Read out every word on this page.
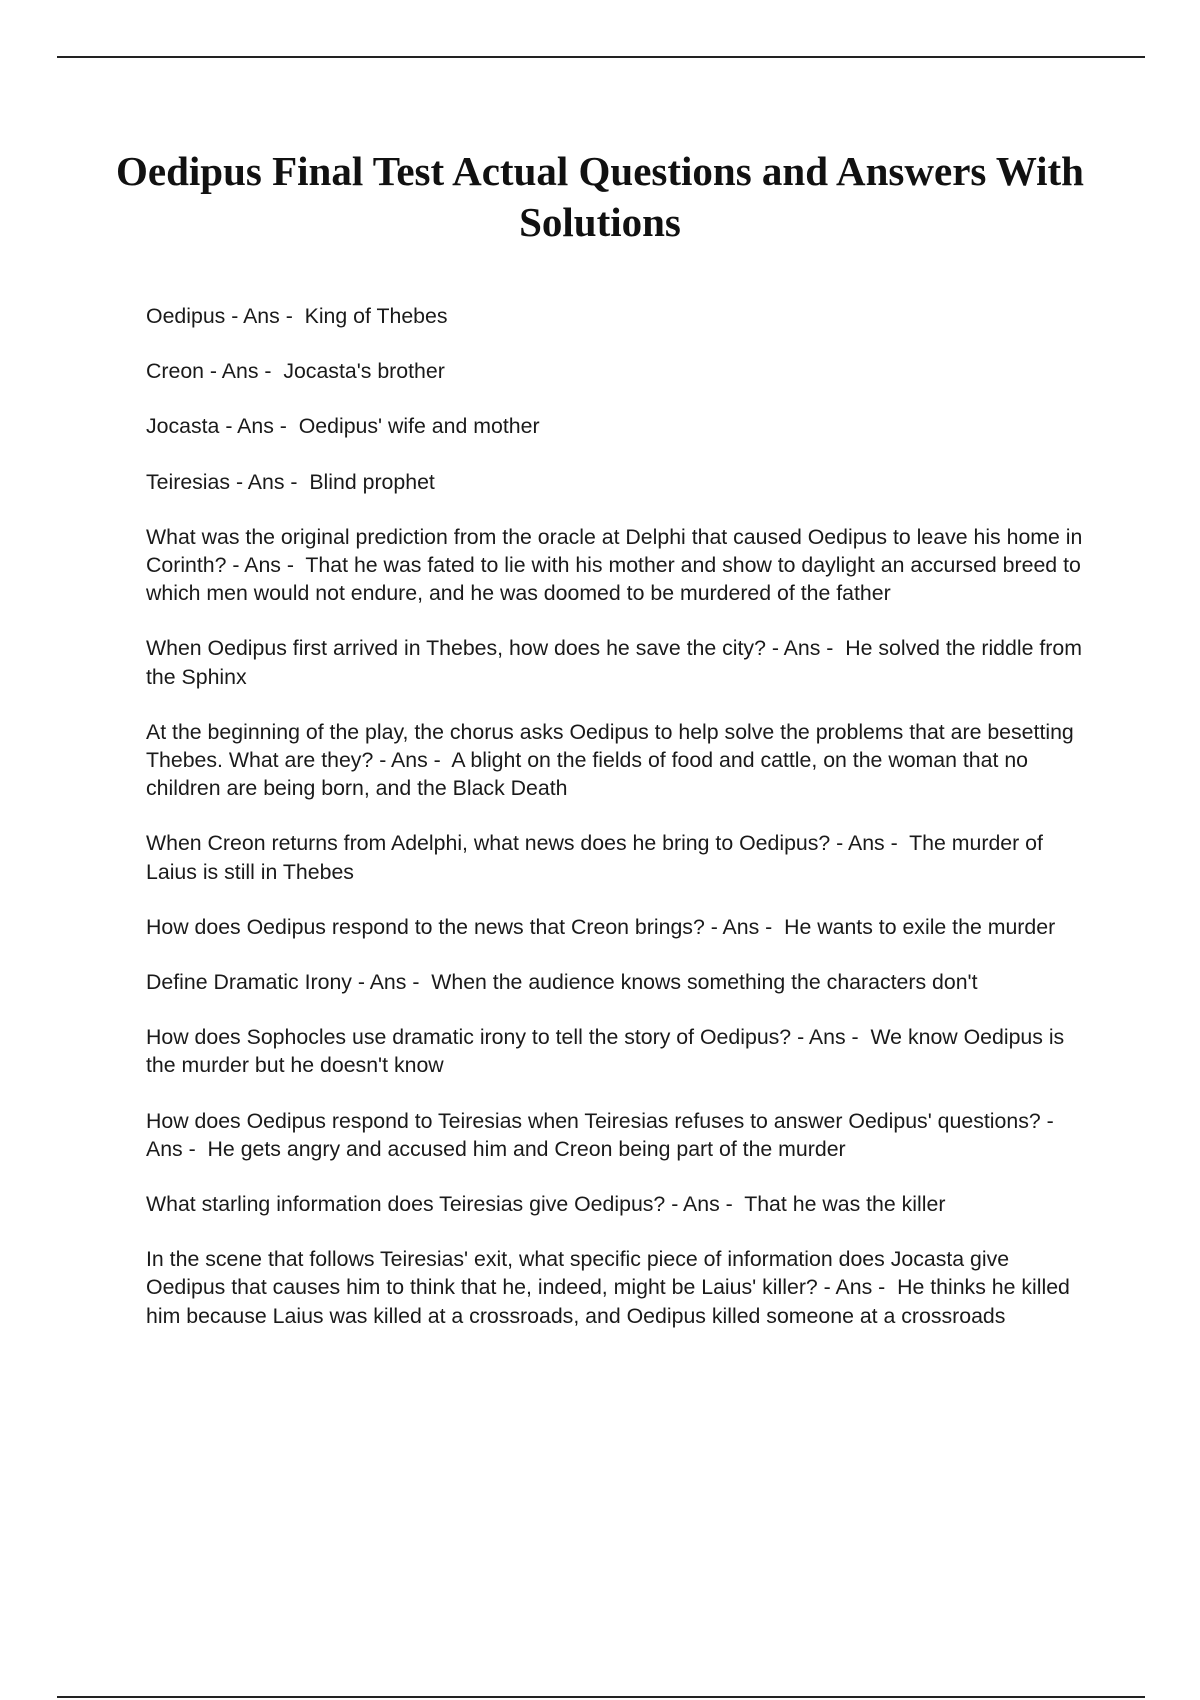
Oedipus Final Test Actual Questions and Answers With Solutions

Oedipus - Ans -  King of Thebes

Creon - Ans -  Jocasta's brother

Jocasta - Ans -  Oedipus' wife and mother

Teiresias - Ans -  Blind prophet

What was the original prediction from the oracle at Delphi that caused Oedipus to leave his home in Corinth? - Ans -  That he was fated to lie with his mother and show to daylight an accursed breed to which men would not endure, and he was doomed to be murdered of the father

When Oedipus first arrived in Thebes, how does he save the city? - Ans -  He solved the riddle from the Sphinx

At the beginning of the play, the chorus asks Oedipus to help solve the problems that are besetting Thebes. What are they? - Ans -  A blight on the fields of food and cattle, on the woman that no children are being born, and the Black Death

When Creon returns from Adelphi, what news does he bring to Oedipus? - Ans -  The murder of Laius is still in Thebes

How does Oedipus respond to the news that Creon brings? - Ans -  He wants to exile the murder

Define Dramatic Irony - Ans -  When the audience knows something the characters don't

How does Sophocles use dramatic irony to tell the story of Oedipus? - Ans -  We know Oedipus is the murder but he doesn't know

How does Oedipus respond to Teiresias when Teiresias refuses to answer Oedipus' questions? - Ans -  He gets angry and accused him and Creon being part of the murder

What starling information does Teiresias give Oedipus? - Ans -  That he was the killer

In the scene that follows Teiresias' exit, what specific piece of information does Jocasta give Oedipus that causes him to think that he, indeed, might be Laius' killer? - Ans -  He thinks he killed him because Laius was killed at a crossroads, and Oedipus killed someone at a crossroads
